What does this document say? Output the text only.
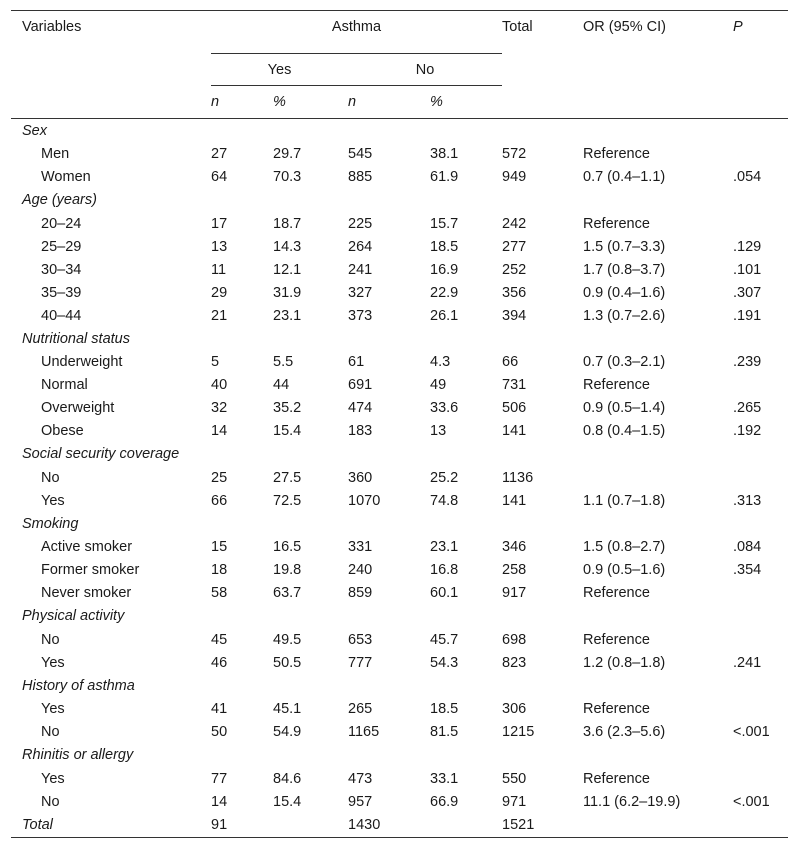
Variables	Asthma				Total	OR (95% CI)	P
	Yes		No				
	n	%	n	%			
Sex							
Men	27	29.7	545	38.1	572	Reference	
Women	64	70.3	885	61.9	949	0.7 (0.4–1.1)	.054
Age (years)							
20–24	17	18.7	225	15.7	242	Reference	
25–29	13	14.3	264	18.5	277	1.5 (0.7–3.3)	.129
30–34	11	12.1	241	16.9	252	1.7 (0.8–3.7)	.101
35–39	29	31.9	327	22.9	356	0.9 (0.4–1.6)	.307
40–44	21	23.1	373	26.1	394	1.3 (0.7–2.6)	.191
Nutritional status							
Underweight	5	5.5	61	4.3	66	0.7 (0.3–2.1)	.239
Normal	40	44	691	49	731	Reference	
Overweight	32	35.2	474	33.6	506	0.9 (0.5–1.4)	.265
Obese	14	15.4	183	13	141	0.8 (0.4–1.5)	.192
Social security coverage							
No	25	27.5	360	25.2	1136		
Yes	66	72.5	1070	74.8	141	1.1 (0.7–1.8)	.313
Smoking							
Active smoker	15	16.5	331	23.1	346	1.5 (0.8–2.7)	.084
Former smoker	18	19.8	240	16.8	258	0.9 (0.5–1.6)	.354
Never smoker	58	63.7	859	60.1	917	Reference	
Physical activity							
No	45	49.5	653	45.7	698	Reference	
Yes	46	50.5	777	54.3	823	1.2 (0.8–1.8)	.241
History of asthma							
Yes	41	45.1	265	18.5	306	Reference	
No	50	54.9	1165	81.5	1215	3.6 (2.3–5.6)	<.001
Rhinitis or allergy							
Yes	77	84.6	473	33.1	550	Reference	
No	14	15.4	957	66.9	971	11.1 (6.2–19.9)	<.001
Total	91		1430		1521		
